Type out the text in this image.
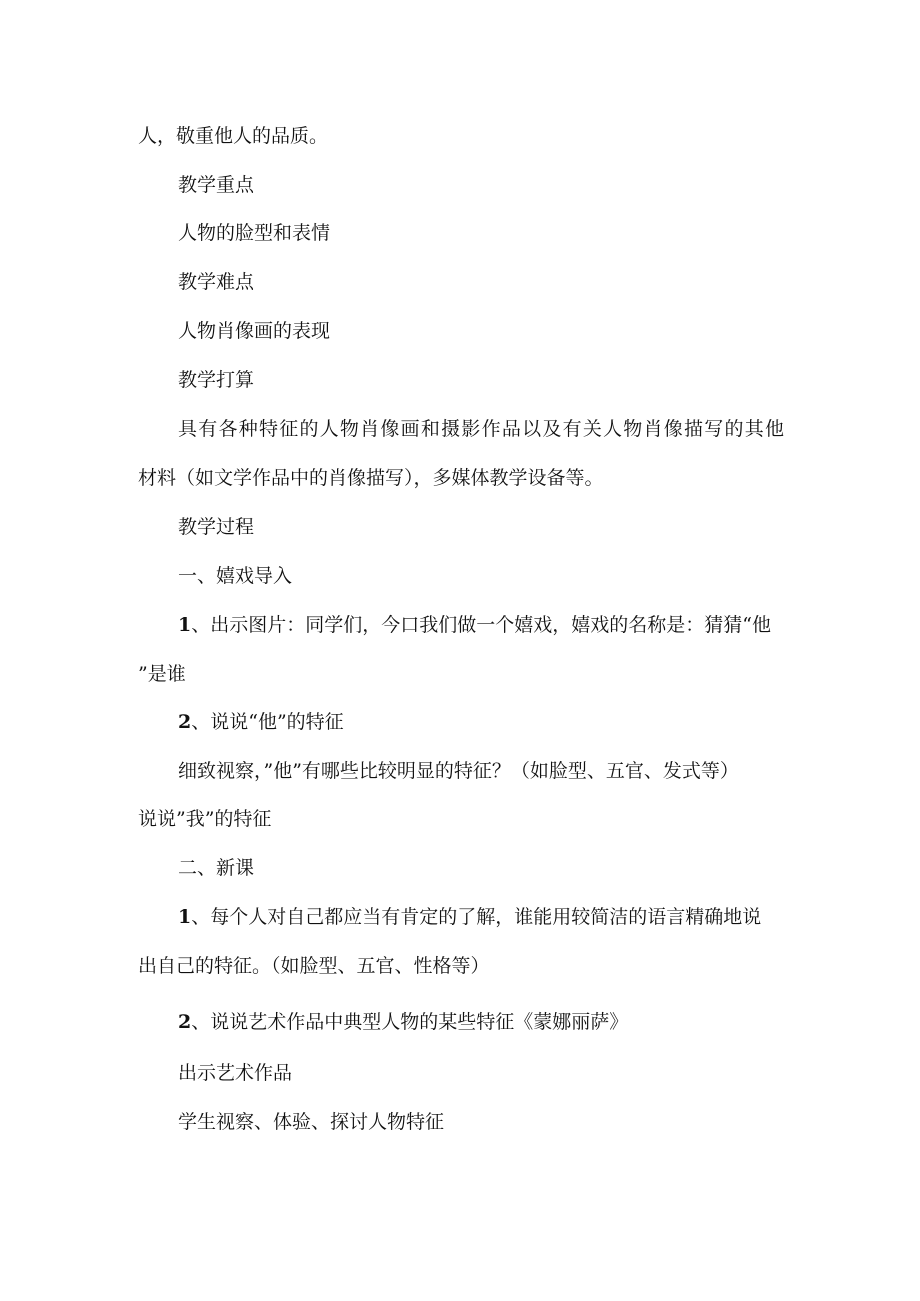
人，敬重他人的品质。
教学重点
人物的脸型和表情
教学难点
人物肖像画的表现
教学打算
具有各种特征的人物肖像画和摄影作品以及有关人物肖像描写的其他
材料（如文学作品中的肖像描写），多媒体教学设备等。
教学过程
一、嬉戏导入
1 、出示图片：同学们，今口我们做一个嬉戏，嬉戏的名称是：猜猜“他
”是谁
2、说说“他”的特征
细致视察，”他”有哪些比较明显的特征？（如脸型、五官、发式等）
说说”我”的特征
二、新课
1、每个人对自己都应当有肯定的了解，谁能用较简洁的语言精确地说
出自己的特征。（如脸型、五官、性格等）
2、说说艺术作品中典型人物的某些特征《蒙娜丽萨》
出示艺术作品
学生视察、体验、探讨人物特征
